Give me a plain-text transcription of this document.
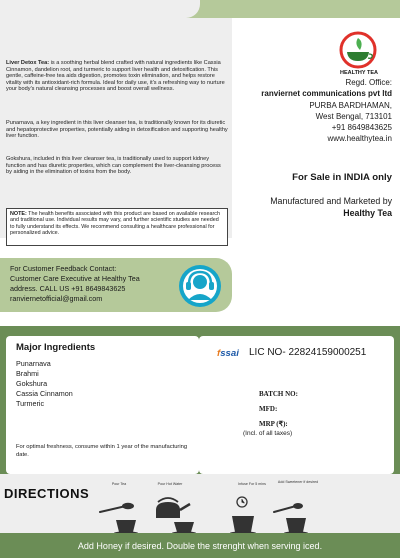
Liver Detox Tea: is a soothing herbal blend crafted with natural ingredients like Cassia Cinnamon, dandelion root, and turmeric to support liver health and detoxification. This gentle, caffeine-free tea aids digestion, promotes toxin elimination, and helps restore vitality with its antioxidant-rich formula. Ideal for daily use, it's a refreshing way to nurture your body's natural cleansing processes and boost overall wellness.
Punarnava, a key ingredient in this liver cleanser tea, is traditionally known for its diuretic and hepatoprotective properties, potentially aiding in detoxification and supporting healthy liver function.
Gokshura, included in this liver cleanser tea, is traditionally used to support kidney function and has diuretic properties, which can complement the liver-cleansing process by aiding in the elimination of toxins from the body.
NOTE: The health benefits associated with this product are based on available research and traditional use. Individual results may vary, and further scientific studies are needed to fully understand its effects. We recommend consulting a healthcare professional for personalized advice.
For Customer Feedback Contact:
Customer Care Executive at Healthy Tea
address. CALL US +91 8649843625
ranviernetofficial@gmail.com
HEALTHY TEA
Regd. Office:
ranviernet communications pvt ltd
PURBA BARDHAMAN,
West Bengal, 713101
+91 8649843625
www.healthytea.in
For Sale in INDIA only
Manufactured and Marketed by
Healthy Tea
Major Ingredients
Punarnava
Brahmi
Gokshura
Cassia Cinnamon
Turmeric
For optimal freshness, consume within 1 year of the manufacturing date.
fssai LIC NO- 22824159000251
BATCH NO:
MFD:
MRP (₹):
(Incl. of all taxes)
DIRECTIONS
Pour Tea	Pour Hot Water	Infuse For 5 mins	Add Sweetener if desired
Add Honey if desired. Double the strenght when serving iced.
